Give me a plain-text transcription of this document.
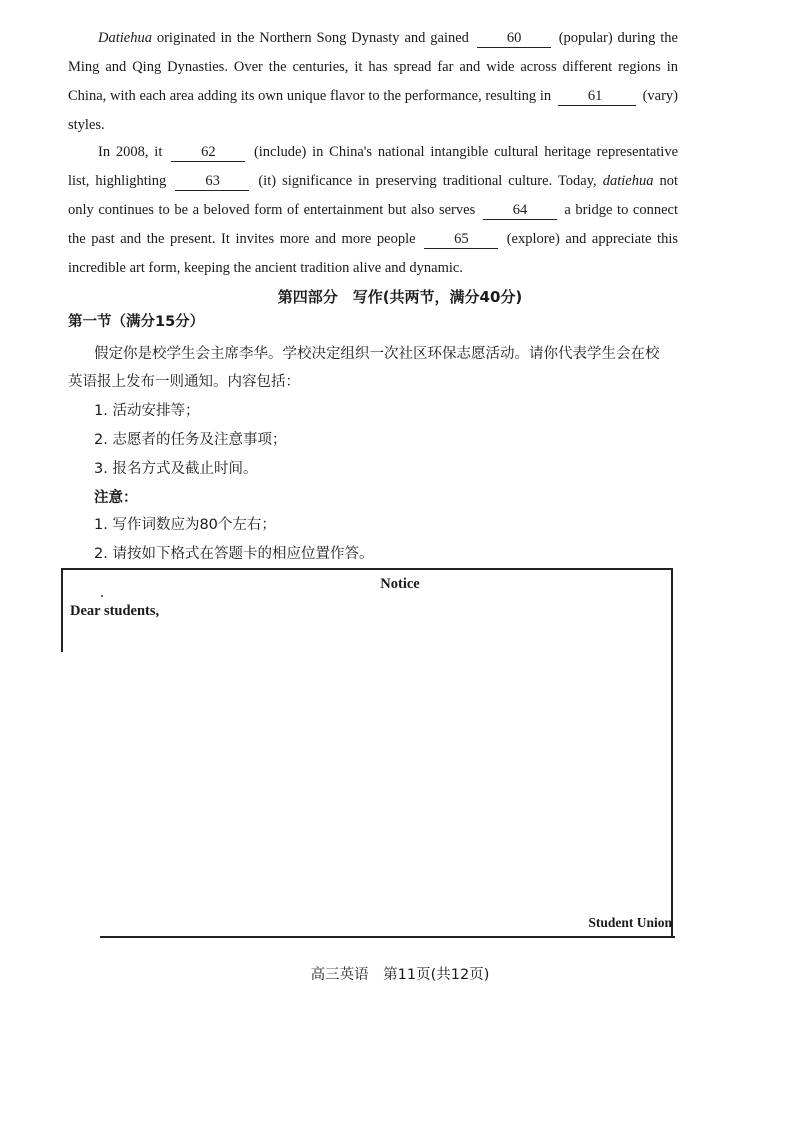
Datiehua originated in the Northern Song Dynasty and gained 60 (popular) during the Ming and Qing Dynasties. Over the centuries, it has spread far and wide across different regions in China, with each area adding its own unique flavor to the performance, resulting in 61	(vary) styles.

In 2008, it 62 (include) in China's national intangible cultural heritage representative list, highlighting 63 (it) significance in preserving traditional culture. Today, datiehua not only continues to be a beloved form of entertainment but also serves 64 a bridge to connect the past and the present. It invites more and more people 65 (explore) and appreciate this incredible art form, keeping the ancient tradition alive and dynamic.

第四部分　写作(共两节，满分40分)

第一节（满分15分）

假定你是校学生会主席李华。学校决定组织一次社区环保志愿活动。请你代表学生会在校

英语报上发布一则通知。内容包括：

1. 活动安排等；

2. 志愿者的任务及注意事项；

3. 报名方式及截止时间。

注意：

1. 写作词数应为80个左右；

2. 请按如下格式在答题卡的相应位置作答。

Notice
Dear students,
Student Union
高三英语　第11页(共12页)
